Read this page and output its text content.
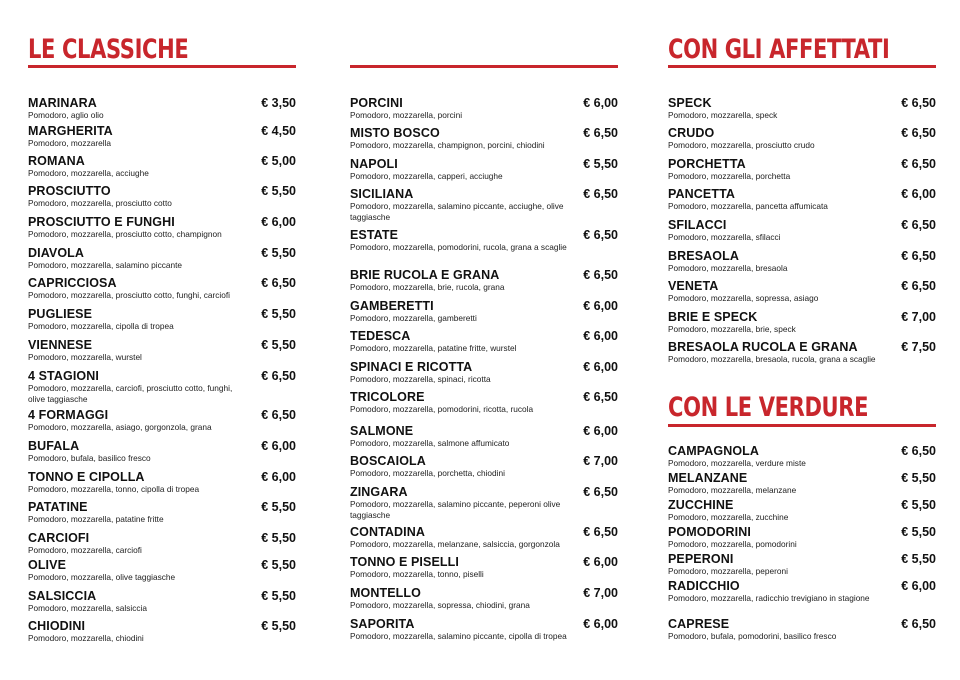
LE CLASSICHE
MARINARA	€ 3,50
Pomodoro, aglio olio
MARGHERITA	€ 4,50
Pomodoro, mozzarella
ROMANA	€ 5,00
Pomodoro, mozzarella, acciughe
PROSCIUTTO	€ 5,50
Pomodoro, mozzarella, prosciutto cotto
PROSCIUTTO E FUNGHI	€ 6,00
Pomodoro, mozzarella, prosciutto cotto, champignon
DIAVOLA	€ 5,50
Pomodoro, mozzarella, salamino piccante
CAPRICCIOSA	€ 6,50
Pomodoro, mozzarella, prosciutto cotto, funghi, carciofi
PUGLIESE	€ 5,50
Pomodoro, mozzarella, cipolla di tropea
VIENNESE	€ 5,50
Pomodoro, mozzarella, wurstel
4 STAGIONI	€ 6,50
Pomodoro, mozzarella, carciofi, prosciutto cotto, funghi, olive taggiasche
4 FORMAGGI	€ 6,50
Pomodoro, mozzarella, asiago, gorgonzola, grana
BUFALA	€ 6,00
Pomodoro, bufala, basilico fresco
TONNO E CIPOLLA	€ 6,00
Pomodoro, mozzarella, tonno, cipolla di tropea
PATATINE	€ 5,50
Pomodoro, mozzarella, patatine fritte
CARCIOFI	€ 5,50
Pomodoro, mozzarella, carciofi
OLIVE	€ 5,50
Pomodoro, mozzarella, olive taggiasche
SALSICCIA	€ 5,50
Pomodoro, mozzarella, salsiccia
CHIODINI	€ 5,50
Pomodoro, mozzarella, chiodini
PORCINI	€ 6,00
Pomodoro, mozzarella, porcini
MISTO BOSCO	€ 6,50
Pomodoro, mozzarella, champignon, porcini, chiodini
NAPOLI	€ 5,50
Pomodoro, mozzarella, capperi, acciughe
SICILIANA	€ 6,50
Pomodoro, mozzarella, salamino piccante, acciughe, olive taggiasche
ESTATE	€ 6,50
Pomodoro, mozzarella, pomodorini, rucola, grana a scaglie
BRIE RUCOLA E GRANA	€ 6,50
Pomodoro, mozzarella, brie, rucola, grana
GAMBERETTI	€ 6,00
Pomodoro, mozzarella, gamberetti
TEDESCA	€ 6,00
Pomodoro, mozzarella, patatine fritte, wurstel
SPINACI E RICOTTA	€ 6,00
Pomodoro, mozzarella, spinaci, ricotta
TRICOLORE	€ 6,50
Pomodoro, mozzarella, pomodorini, ricotta, rucola
SALMONE	€ 6,00
Pomodoro, mozzarella, salmone affumicato
BOSCAIOLA	€ 7,00
Pomodoro, mozzarella, porchetta, chiodini
ZINGARA	€ 6,50
Pomodoro, mozzarella, salamino piccante, peperoni olive taggiasche
CONTADINA	€ 6,50
Pomodoro, mozzarella, melanzane, salsiccia, gorgonzola
TONNO E PISELLI	€ 6,00
Pomodoro, mozzarella, tonno, piselli
MONTELLO	€ 7,00
Pomodoro, mozzarella, sopressa, chiodini, grana
SAPORITA	€ 6,00
Pomodoro, mozzarella, salamino piccante, cipolla di tropea
CON GLI AFFETTATI
SPECK	€ 6,50
Pomodoro, mozzarella, speck
CRUDO	€ 6,50
Pomodoro, mozzarella, prosciutto crudo
PORCHETTA	€ 6,50
Pomodoro, mozzarella, porchetta
PANCETTA	€ 6,00
Pomodoro, mozzarella, pancetta affumicata
SFILACCI	€ 6,50
Pomodoro, mozzarella, sfilacci
BRESAOLA	€ 6,50
Pomodoro, mozzarella, bresaola
VENETA	€ 6,50
Pomodoro, mozzarella, sopressa, asiago
BRIE E SPECK	€ 7,00
Pomodoro, mozzarella, brie, speck
BRESAOLA RUCOLA E GRANA	€ 7,50
Pomodoro, mozzarella, bresaola, rucola, grana a scaglie
CON LE VERDURE
CAMPAGNOLA	€ 6,50
Pomodoro, mozzarella, verdure miste
MELANZANE	€ 5,50
Pomodoro, mozzarella, melanzane
ZUCCHINE	€ 5,50
Pomodoro, mozzarella, zucchine
POMODORINI	€ 5,50
Pomodoro, mozzarella, pomodorini
PEPERONI	€ 5,50
Pomodoro, mozzarella, peperoni
RADICCHIO	€ 6,00
Pomodoro, mozzarella, radicchio trevigiano in stagione
CAPRESE	€ 6,50
Pomodoro, bufala, pomodorini, basilico fresco
